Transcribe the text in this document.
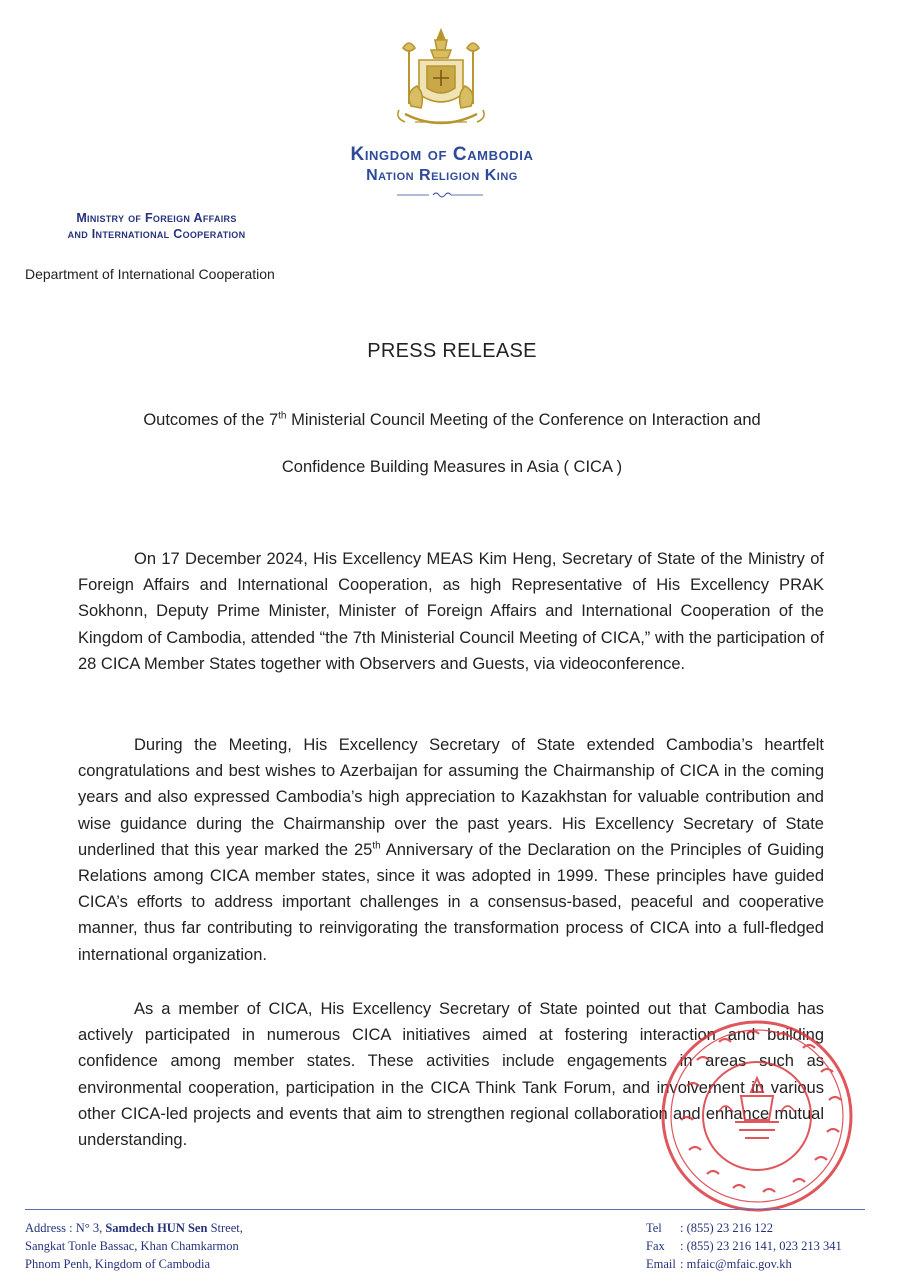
Kingdom of Cambodia
Nation Religion King
Ministry of Foreign Affairs
and International Cooperation
Department of International Cooperation
PRESS RELEASE
Outcomes of the 7th Ministerial Council Meeting of the Conference on Interaction and
Confidence Building Measures in Asia ( CICA )

On 17 December 2024, His Excellency MEAS Kim Heng, Secretary of State of the Ministry of Foreign Affairs and International Cooperation, as high Representative of His Excellency PRAK Sokhonn, Deputy Prime Minister, Minister of Foreign Affairs and International Cooperation of the Kingdom of Cambodia, attended “the 7th Ministerial Council Meeting of CICA,” with the participation of 28 CICA Member States together with Observers and Guests, via videoconference.

During the Meeting, His Excellency Secretary of State extended Cambodia’s heartfelt congratulations and best wishes to Azerbaijan for assuming the Chairmanship of CICA in the coming years and also expressed Cambodia’s high appreciation to Kazakhstan for valuable contribution and wise guidance during the Chairmanship over the past years. His Excellency Secretary of State underlined that this year marked the 25th Anniversary of the Declaration on the Principles of Guiding Relations among CICA member states, since it was adopted in 1999. These principles have guided CICA’s efforts to address important challenges in a consensus-based, peaceful and cooperative manner, thus far contributing to reinvigorating the transformation process of CICA into a full-fledged international organization.

As a member of CICA, His Excellency Secretary of State pointed out that Cambodia has actively participated in numerous CICA initiatives aimed at fostering interaction and building confidence among member states. These activities include engagements in areas such as environmental cooperation, participation in the CICA Think Tank Forum, and involvement in various other CICA-led projects and events that aim to strengthen regional collaboration and enhance mutual understanding.

Address : N° 3, Samdech HUN Sen Street,
Sangkat Tonle Bassac, Khan Chamkarmon
Phnom Penh, Kingdom of Cambodia
Tel : (855) 23 216 122
Fax : (855) 23 216 141, 023 213 341
Email : mfaic@mfaic.gov.kh
